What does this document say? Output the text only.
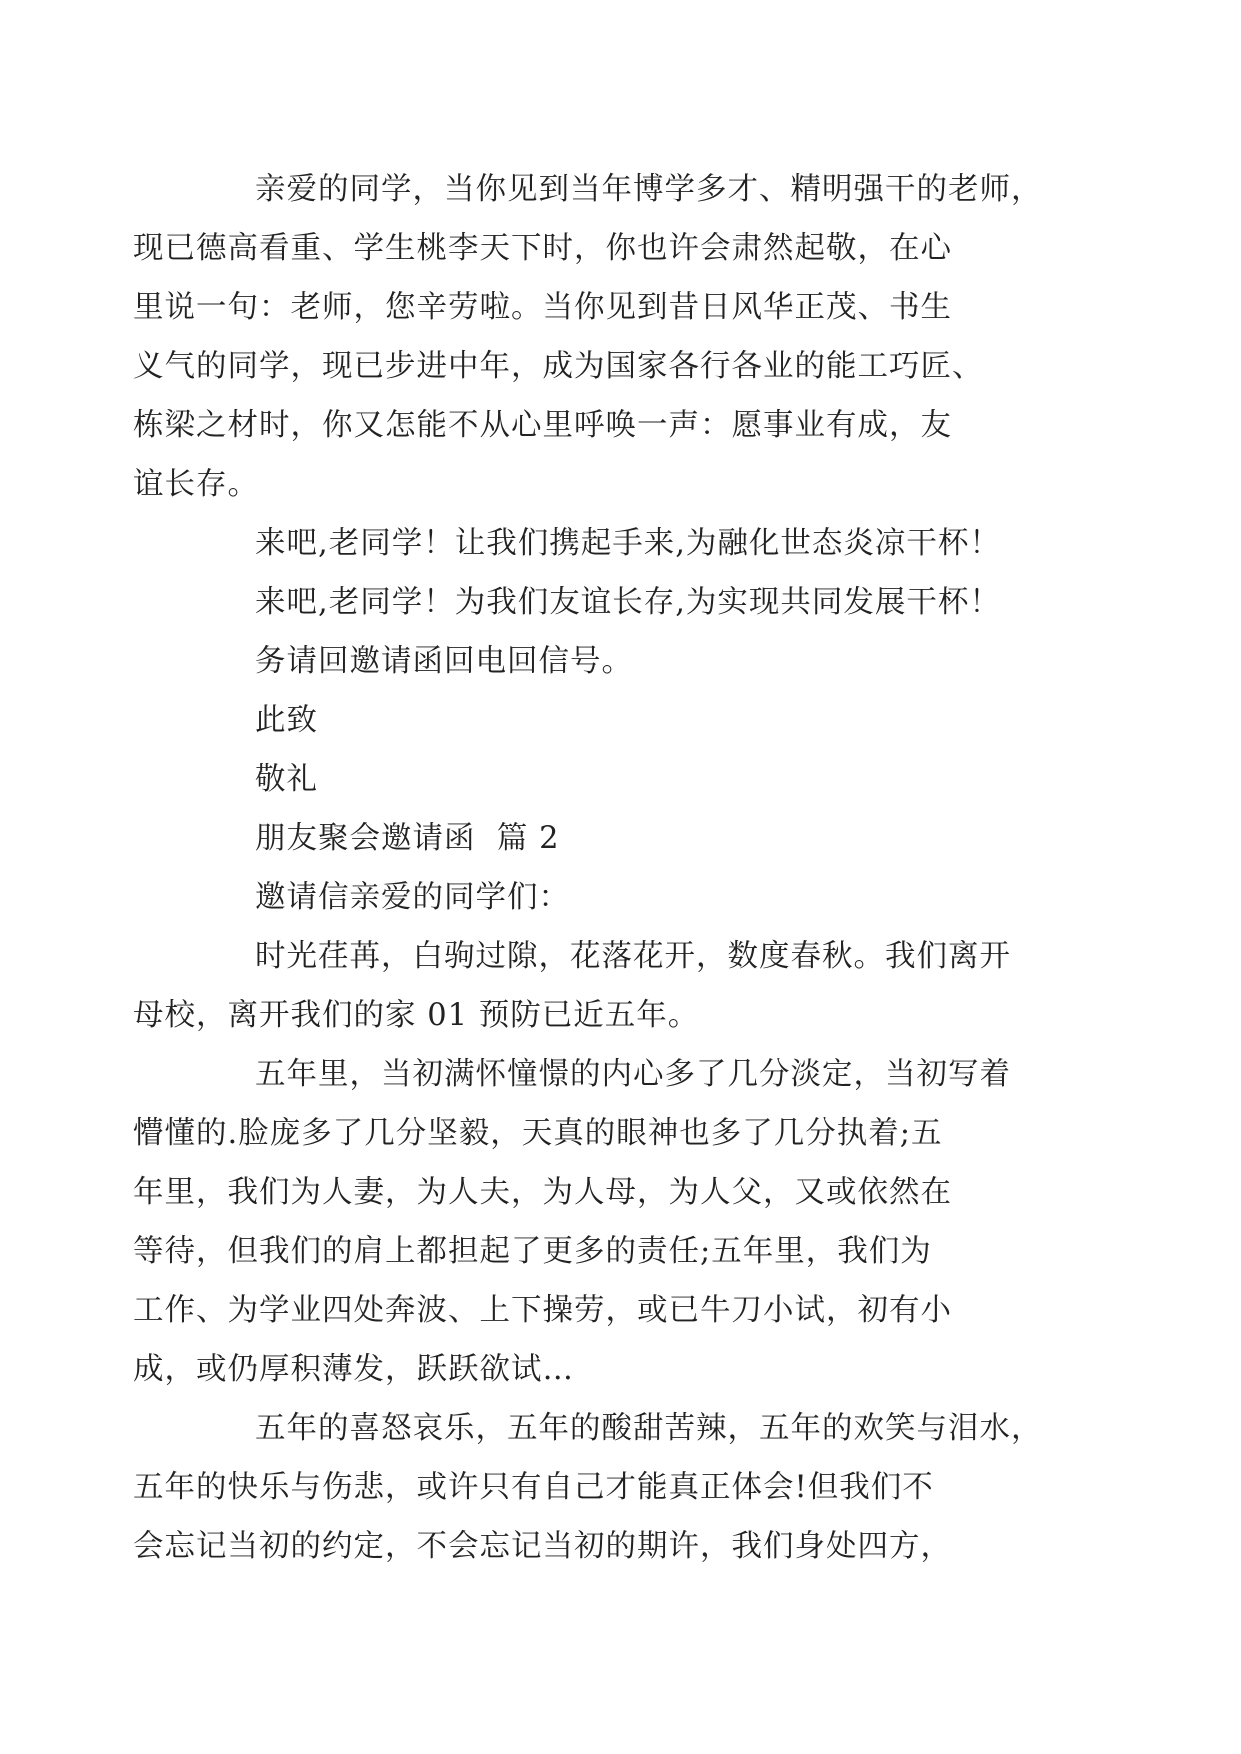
亲爱的同学，当你见到当年博学多才、精明强干的老师，
现已德高看重、学生桃李天下时，你也许会肃然起敬，在心
里说一句：老师，您辛劳啦。当你见到昔日风华正茂、书生
义气的同学，现已步进中年，成为国家各行各业的能工巧匠、
栋梁之材时，你又怎能不从心里呼唤一声：愿事业有成，友
谊长存。
来吧,老同学！让我们携起手来,为融化世态炎凉干杯！
来吧,老同学！为我们友谊长存,为实现共同发展干杯！
务请回邀请函回电回信号。
此致
敬礼
朋友聚会邀请函  篇 2
邀请信亲爱的同学们：
时光荏苒，白驹过隙，花落花开，数度春秋。我们离开
母校，离开我们的家 01 预防已近五年。
五年里，当初满怀憧憬的内心多了几分淡定，当初写着
懵懂的.脸庞多了几分坚毅，天真的眼神也多了几分执着;五
年里，我们为人妻，为人夫，为人母，为人父，又或依然在
等待，但我们的肩上都担起了更多的责任;五年里，我们为
工作、为学业四处奔波、上下操劳，或已牛刀小试，初有小
成，或仍厚积薄发，跃跃欲试…
五年的喜怒哀乐，五年的酸甜苦辣，五年的欢笑与泪水，
五年的快乐与伤悲，或许只有自己才能真正体会!但我们不
会忘记当初的约定，不会忘记当初的期许，我们身处四方，
